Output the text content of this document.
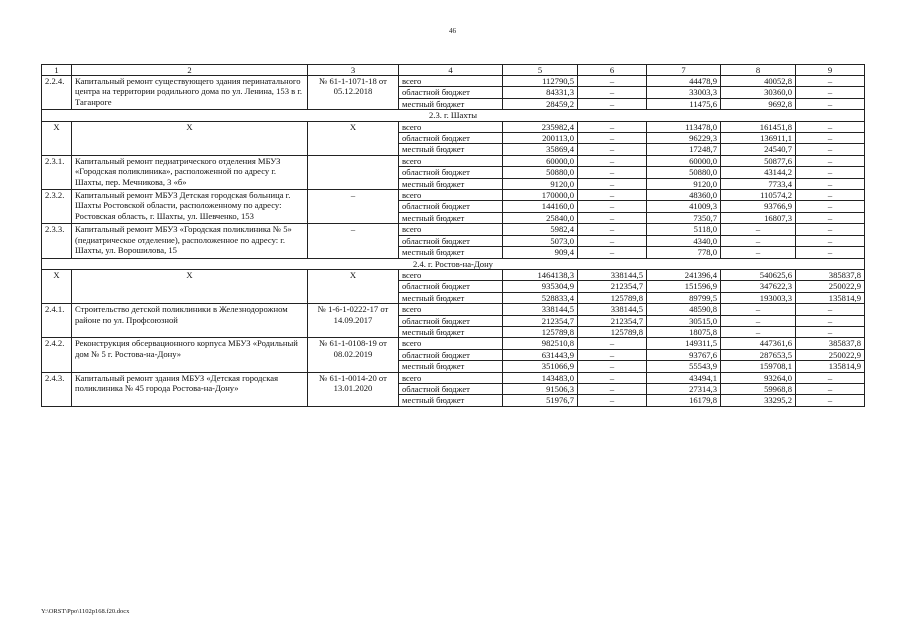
46
1	2	3	4	5	6	7	8	9
2.2.4.	Капитальный ремонт существующего здания перинатального центра на территории родильного дома по ул. Ленина, 153 в г. Таганроге	№ 61-1-1071-18 от 05.12.2018	всего	112790,5	–	44478,9	40052,8	–
			областной бюджет	84331,3	–	33003,3	30360,0	–
			местный бюджет	28459,2	–	11475,6	9692,8	–
2.3. г. Шахты								
Х	Х	Х	всего	235982,4	–	113478,0	161451,8	–
			областной бюджет	200113,0	–	96229,3	136911,1	–
			местный бюджет	35869,4	–	17248,7	24540,7	–
2.3.1.	Капитальный ремонт педиатрического отделения МБУЗ «Городская поликлиника», расположенной по адресу г. Шахты, пер. Мечникова, 3 «б»		всего	60000,0	–	60000,0	50877,6	–
			областной бюджет	50880,0	–	50880,0	43144,2	–
			местный бюджет	9120,0	–	9120,0	7733,4	–
2.3.2.	Капитальный ремонт МБУЗ Детская городская больница г. Шахты Ростовской области, расположенному по адресу: Ростовская область, г. Шахты, ул. Шевченко, 153	–	всего	170000,0	–	48360,0	110574,2	–
			областной бюджет	144160,0	–	41009,3	93766,9	–
			местный бюджет	25840,0	–	7350,7	16807,3	–
2.3.3.	Капитальный ремонт МБУЗ «Городская поликлиника № 5» (педиатрическое отделение), расположенное по адресу: г. Шахты, ул. Ворошилова, 15	–	всего	5982,4	–	5118,0	–	–
			областной бюджет	5073,0	–	4340,0	–	–
			местный бюджет	909,4	–	778,0	–	–
2.4. г. Ростов-на-Дону								
Х	Х	Х	всего	1464138,3	338144,5	241396,4	540625,6	385837,8
			областной бюджет	935304,9	212354,7	151596,9	347622,3	250022,9
			местный бюджет	528833,4	125789,8	89799,5	193003,3	135814,9
2.4.1.	Строительство детской поликлиники в Железнодорожном районе по ул. Профсоюзной	№ 1-6-1-0222-17 от 14.09.2017	всего	338144,5	338144,5	48590,8	–	–
			областной бюджет	212354,7	212354,7	30515,0	–	–
			местный бюджет	125789,8	125789,8	18075,8	–	–
2.4.2.	Реконструкция обсервационного корпуса МБУЗ «Родильный дом № 5 г. Ростова-на-Дону»	№ 61-1-0108-19 от 08.02.2019	всего	982510,8	–	149311,5	447361,6	385837,8
			областной бюджет	631443,9	–	93767,6	287653,5	250022,9
			местный бюджет	351066,9	–	55543,9	159708,1	135814,9
2.4.3.	Капитальный ремонт здания МБУЗ «Детская городская поликлиника № 45 города Ростова-на-Дону»	№ 61-1-0014-20 от 13.01.2020	всего	143483,0	–	43494,1	93264,0	–
			областной бюджет	91506,3	–	27314,3	59968,8	–
			местный бюджет	51976,7	–	16179,8	33295,2	–
Y:\ORST\Ppo\1102p168.f20.docx
